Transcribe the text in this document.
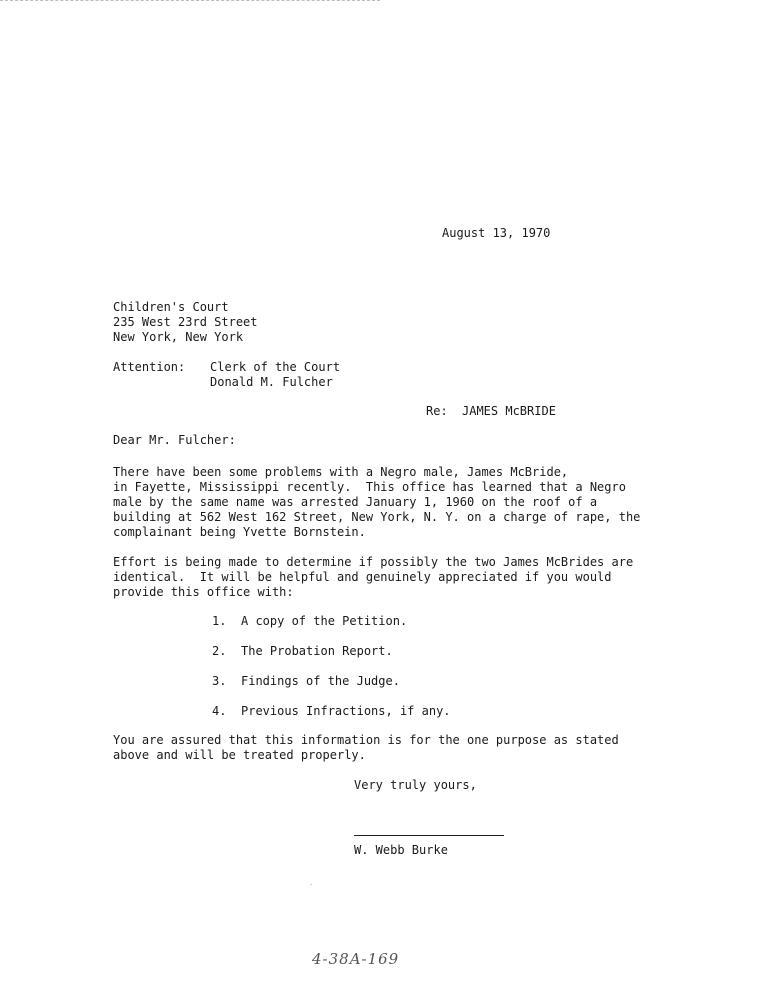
August 13, 1970
Children's Court
235 West 23rd Street
New York, New York
Attention: Clerk of the Court
Donald M. Fulcher
Re: JAMES McBRIDE
Dear Mr. Fulcher:
There have been some problems with a Negro male, James McBride,
in Fayette, Mississippi recently.  This office has learned that a Negro
male by the same name was arrested January 1, 1960 on the roof of a
building at 562 West 162 Street, New York, N. Y. on a charge of rape, the
complainant being Yvette Bornstein.
Effort is being made to determine if possibly the two James McBrides are
identical.  It will be helpful and genuinely appreciated if you would
provide this office with:
1. A copy of the Petition.
2. The Probation Report.
3. Findings of the Judge.
4. Previous Infractions, if any.
You are assured that this information is for the one purpose as stated
above and will be treated properly.
Very truly yours,
W. Webb Burke
4-38A-169
